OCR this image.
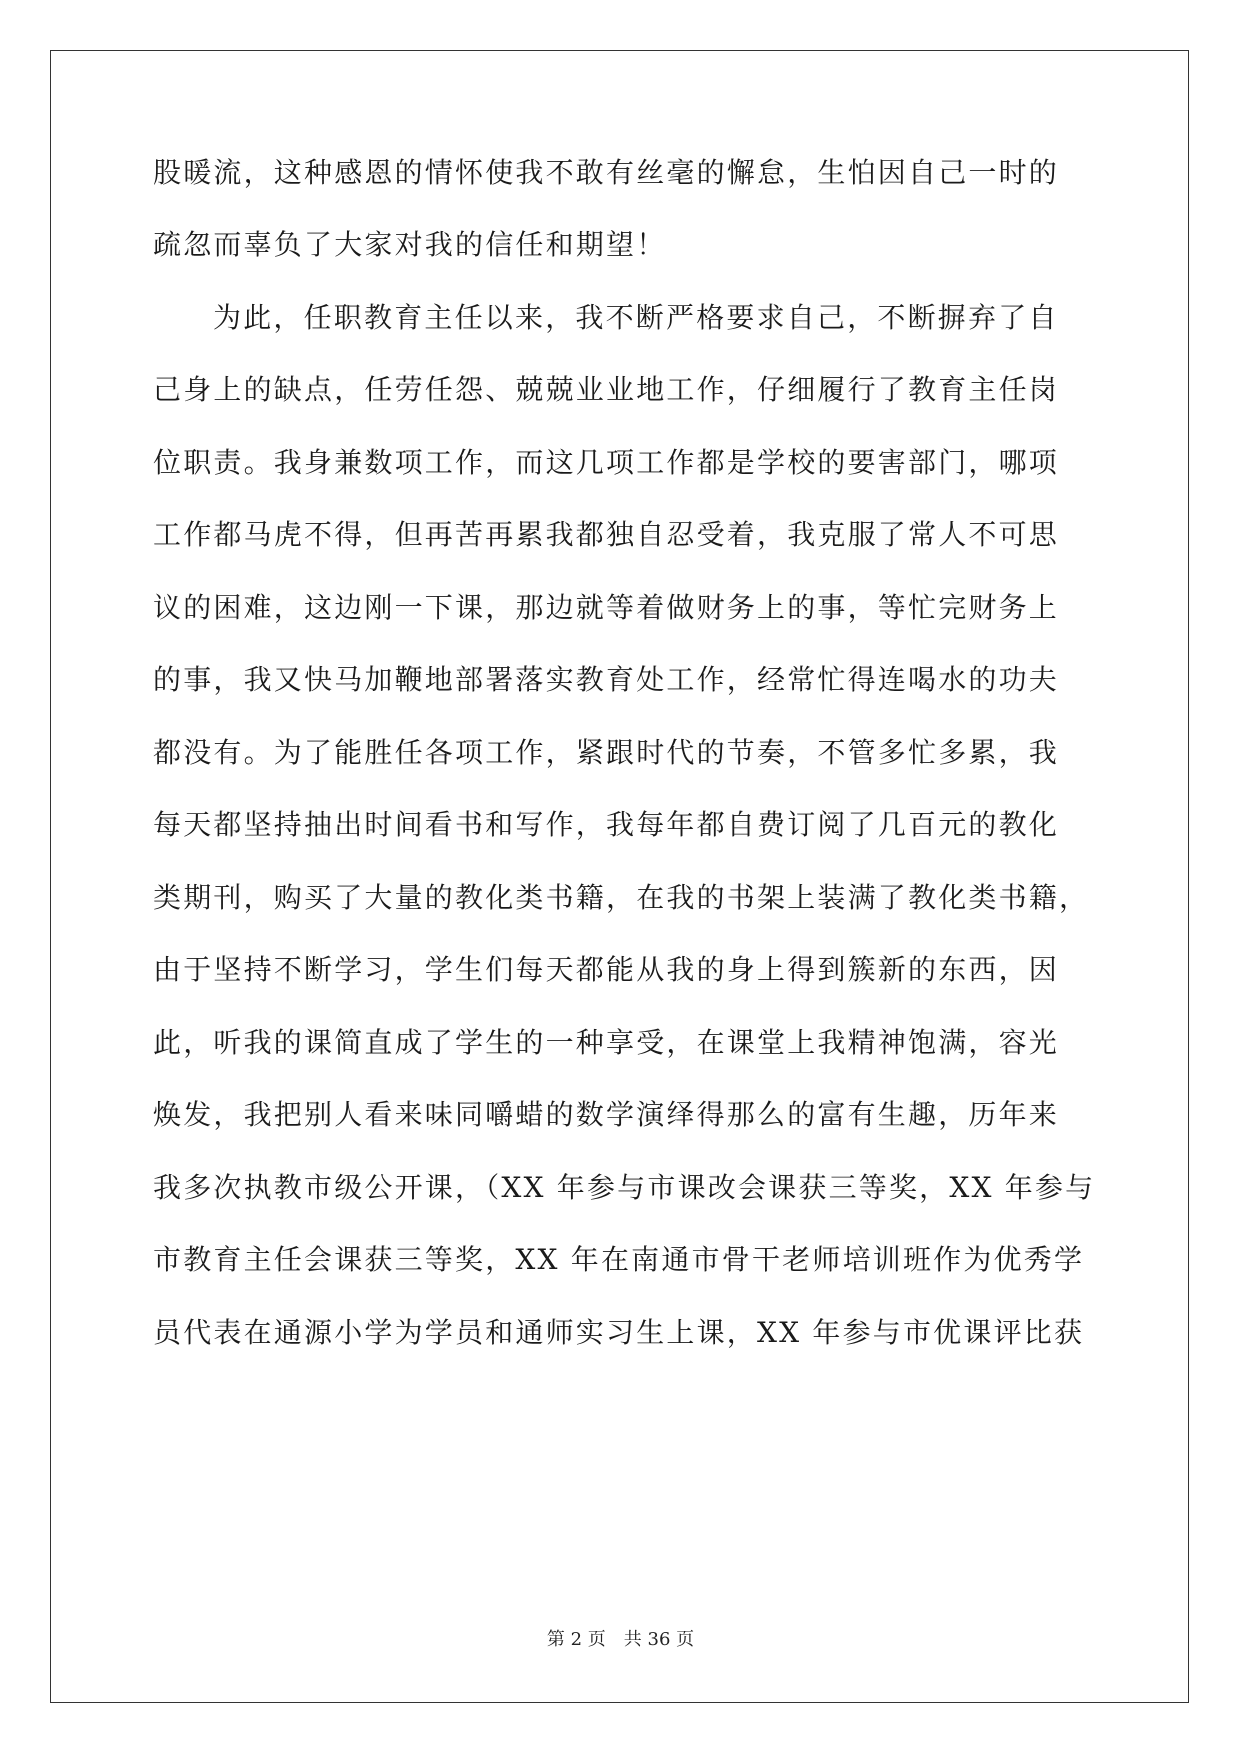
股暖流，这种感恩的情怀使我不敢有丝毫的懈怠，生怕因自己一时的
疏忽而辜负了大家对我的信任和期望！
为此，任职教育主任以来，我不断严格要求自己，不断摒弃了自
己身上的缺点，任劳任怨、兢兢业业地工作，仔细履行了教育主任岗
位职责。我身兼数项工作，而这几项工作都是学校的要害部门，哪项
工作都马虎不得，但再苦再累我都独自忍受着，我克服了常人不可思
议的困难，这边刚一下课，那边就等着做财务上的事，等忙完财务上
的事，我又快马加鞭地部署落实教育处工作，经常忙得连喝水的功夫
都没有。为了能胜任各项工作，紧跟时代的节奏，不管多忙多累，我
每天都坚持抽出时间看书和写作，我每年都自费订阅了几百元的教化
类期刊，购买了大量的教化类书籍，在我的书架上装满了教化类书籍，
由于坚持不断学习，学生们每天都能从我的身上得到簇新的东西，因
此，听我的课简直成了学生的一种享受，在课堂上我精神饱满，容光
焕发，我把别人看来味同嚼蜡的数学演绎得那么的富有生趣，历年来
我多次执教市级公开课，（XX 年参与市课改会课获三等奖，XX 年参与
市教育主任会课获三等奖，XX 年在南通市骨干老师培训班作为优秀学
员代表在通源小学为学员和通师实习生上课，XX 年参与市优课评比获
第 2 页 共 36 页
